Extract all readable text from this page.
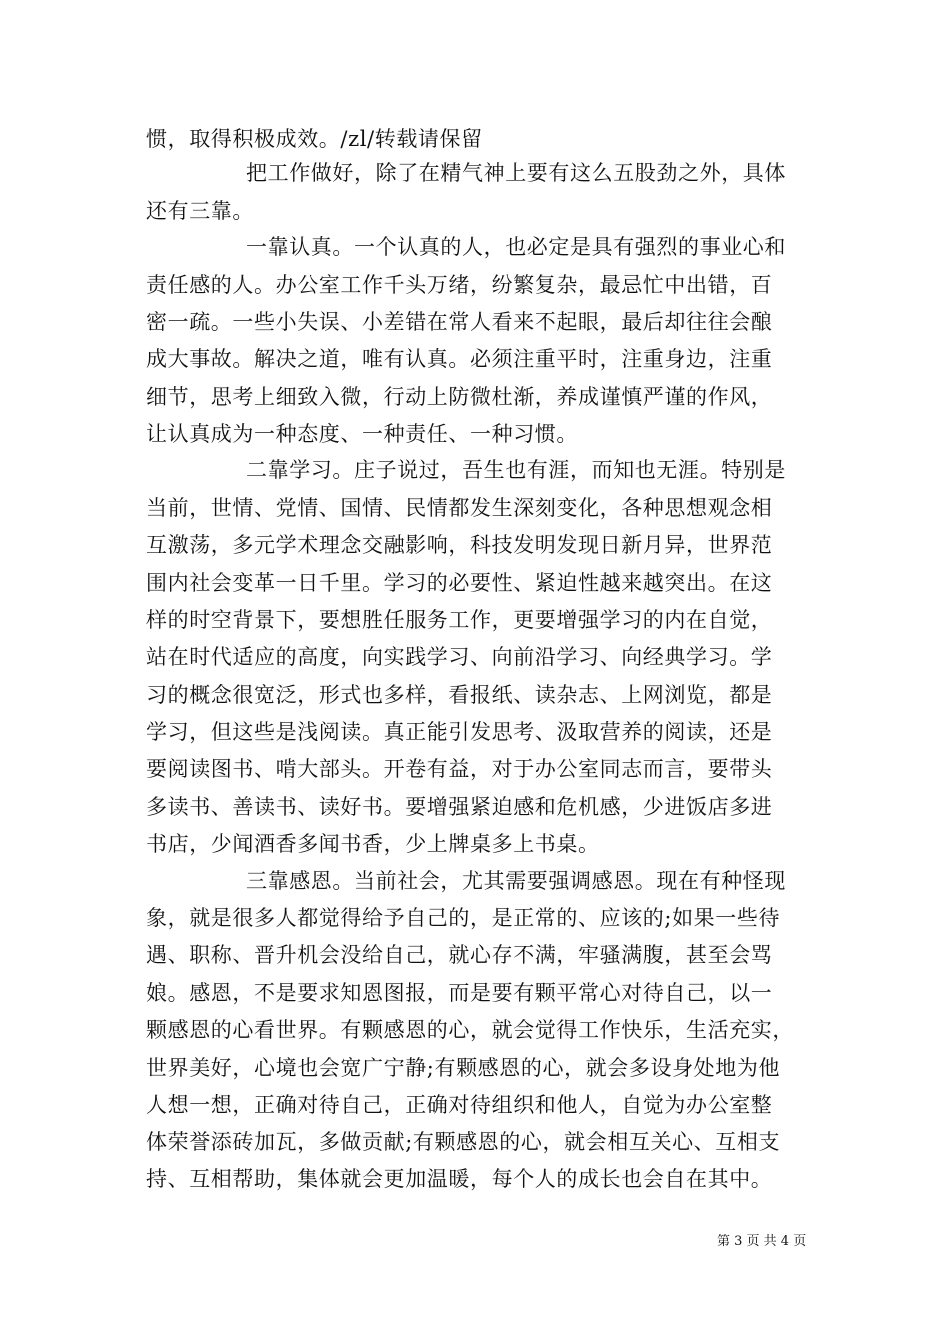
惯，取得积极成效。/zl/转载请保留
把工作做好，除了在精气神上要有这么五股劲之外，具体
还有三靠。
一靠认真。一个认真的人，也必定是具有强烈的事业心和
责任感的人。办公室工作千头万绪，纷繁复杂，最忌忙中出错，百
密一疏。一些小失误、小差错在常人看来不起眼，最后却往往会酿
成大事故。解决之道，唯有认真。必须注重平时，注重身边，注重
细节，思考上细致入微，行动上防微杜渐，养成谨慎严谨的作风，
让认真成为一种态度、一种责任、一种习惯。
二靠学习。庄子说过，吾生也有涯，而知也无涯。特别是
当前，世情、党情、国情、民情都发生深刻变化，各种思想观念相
互激荡，多元学术理念交融影响，科技发明发现日新月异，世界范
围内社会变革一日千里。学习的必要性、紧迫性越来越突出。在这
样的时空背景下，要想胜任服务工作，更要增强学习的内在自觉，
站在时代适应的高度，向实践学习、向前沿学习、向经典学习。学
习的概念很宽泛，形式也多样，看报纸、读杂志、上网浏览，都是
学习，但这些是浅阅读。真正能引发思考、汲取营养的阅读，还是
要阅读图书、啃大部头。开卷有益，对于办公室同志而言，要带头
多读书、善读书、读好书。要增强紧迫感和危机感，少进饭店多进
书店，少闻酒香多闻书香，少上牌桌多上书桌。
三靠感恩。当前社会，尤其需要强调感恩。现在有种怪现
象，就是很多人都觉得给予自己的，是正常的、应该的;如果一些待
遇、职称、晋升机会没给自己，就心存不满，牢骚满腹，甚至会骂
娘。感恩，不是要求知恩图报，而是要有颗平常心对待自己，以一
颗感恩的心看世界。有颗感恩的心，就会觉得工作快乐，生活充实，
世界美好，心境也会宽广宁静;有颗感恩的心，就会多设身处地为他
人想一想，正确对待自己，正确对待组织和他人，自觉为办公室整
体荣誉添砖加瓦，多做贡献;有颗感恩的心，就会相互关心、互相支
持、互相帮助，集体就会更加温暖，每个人的成长也会自在其中。
第 3 页 共 4 页
